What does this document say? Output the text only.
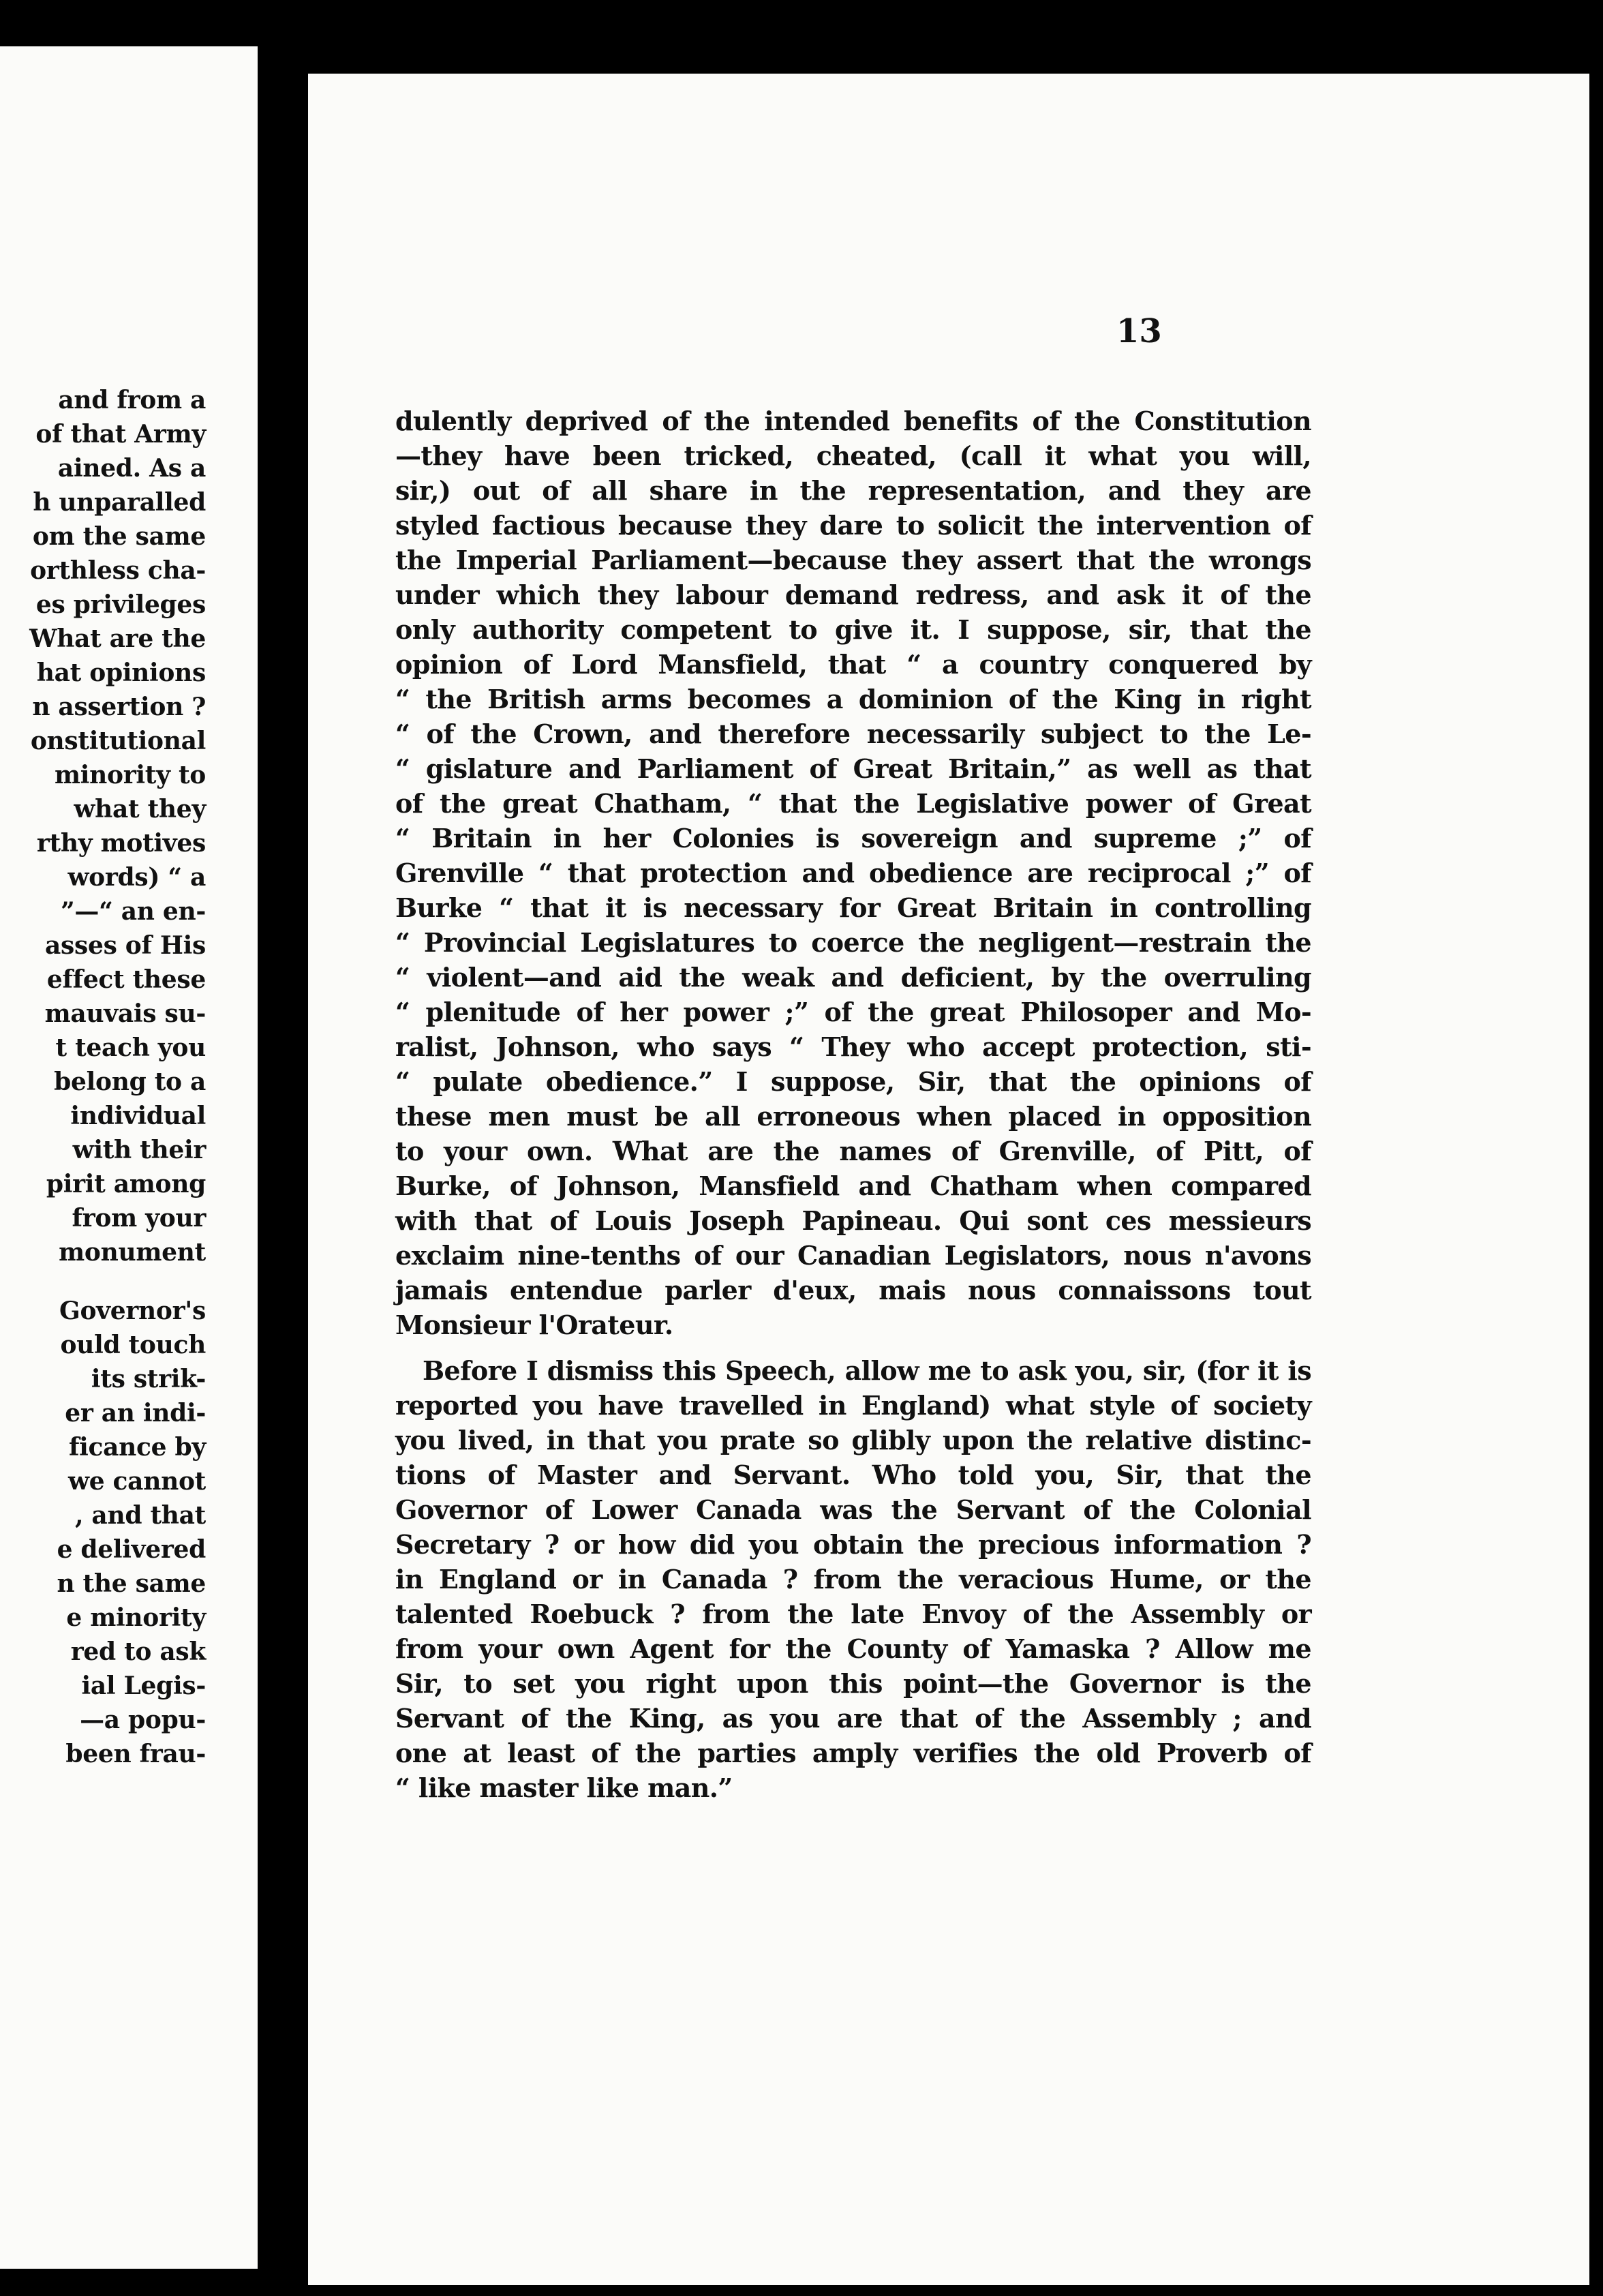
and from a
of that Army
ained. As a
h unparalled
om the same
orthless cha-
es privileges
What are the
hat opinions
n assertion ?
onstitutional
minority to
what they
rthy motives
words) “ a
”—“ an en-
asses of His
effect these
mauvais su-
t teach you
belong to a
individual
with their
pirit among
from your
monument
Governor's
ould touch
its strik-
er an indi-
ficance by
we cannot
, and that
e delivered
n the same
e minority
red to ask
ial Legis-
—a popu-
been frau-
13
dulently deprived of the intended benefits of the Constitution
—they have been tricked, cheated, (call it what you will,
sir,) out of all share in the representation, and they are
styled factious because they dare to solicit the intervention of
the Imperial Parliament—because they assert that the wrongs
under which they labour demand redress, and ask it of the
only authority competent to give it. I suppose, sir, that the
opinion of Lord Mansfield, that “ a country conquered by
“ the British arms becomes a dominion of the King in right
“ of the Crown, and therefore necessarily subject to the Le-
“ gislature and Parliament of Great Britain,” as well as that
of the great Chatham, “ that the Legislative power of Great
“ Britain in her Colonies is sovereign and supreme ;” of
Grenville “ that protection and obedience are reciprocal ;” of
Burke “ that it is necessary for Great Britain in controlling
“ Provincial Legislatures to coerce the negligent—restrain the
“ violent—and aid the weak and deficient, by the overruling
“ plenitude of her power ;” of the great Philosoper and Mo-
ralist, Johnson, who says “ They who accept protection, sti-
“ pulate obedience.” I suppose, Sir, that the opinions of
these men must be all erroneous when placed in opposition
to your own. What are the names of Grenville, of Pitt, of
Burke, of Johnson, Mansfield and Chatham when compared
with that of Louis Joseph Papineau. Qui sont ces messieurs
exclaim nine-tenths of our Canadian Legislators, nous n'avons
jamais entendue parler d'eux, mais nous connaissons tout
Monsieur l'Orateur.
Before I dismiss this Speech, allow me to ask you, sir, (for it is
reported you have travelled in England) what style of society
you lived, in that you prate so glibly upon the relative distinc-
tions of Master and Servant. Who told you, Sir, that the
Governor of Lower Canada was the Servant of the Colonial
Secretary ? or how did you obtain the precious information ?
in England or in Canada ? from the veracious Hume, or the
talented Roebuck ? from the late Envoy of the Assembly or
from your own Agent for the County of Yamaska ? Allow me
Sir, to set you right upon this point—the Governor is the
Servant of the King, as you are that of the Assembly ; and
one at least of the parties amply verifies the old Proverb of
“ like master like man.”
